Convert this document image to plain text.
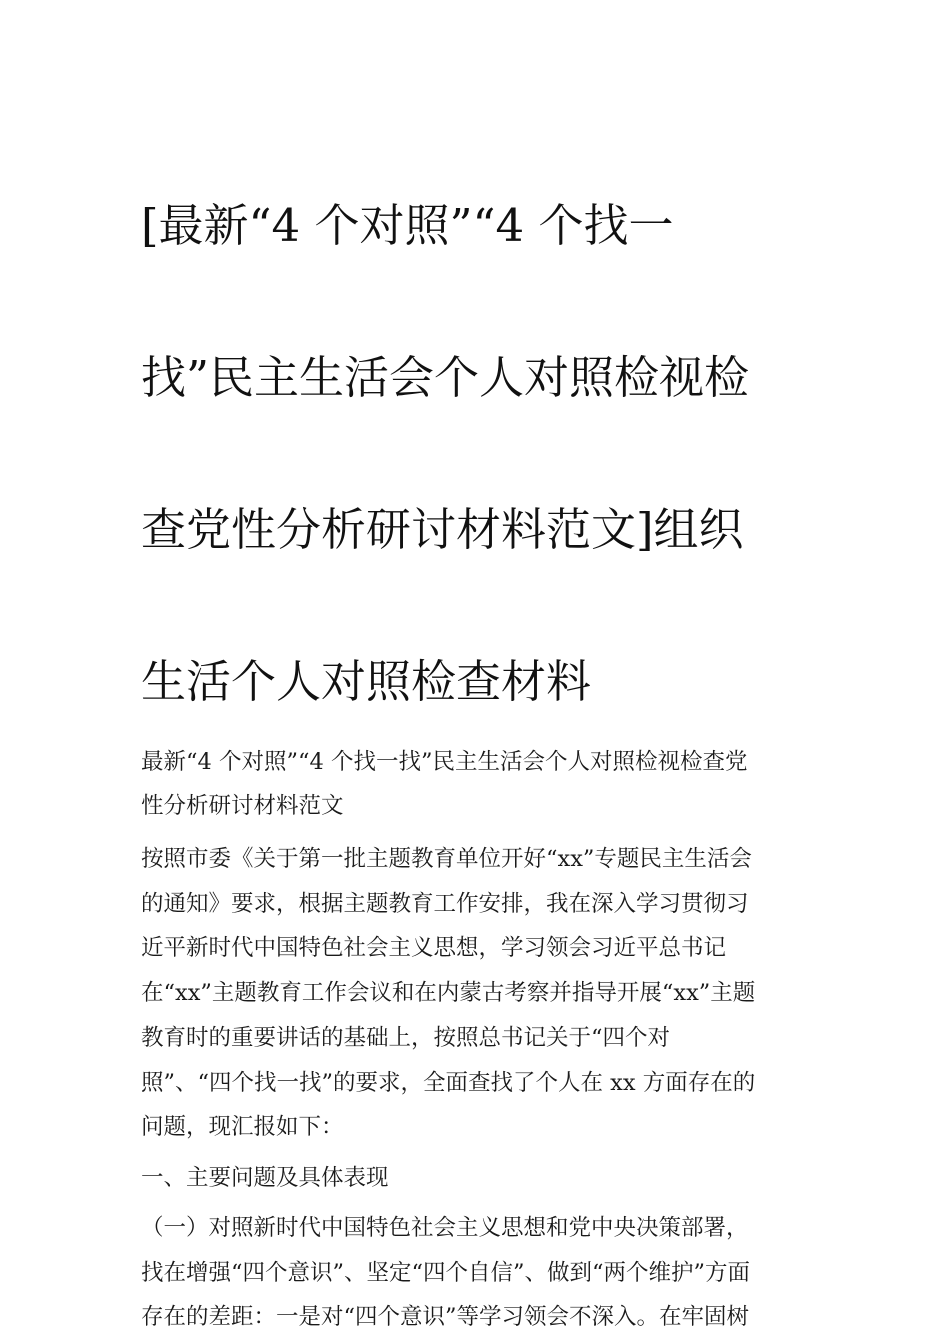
[最新“4 个对照”“4 个找一

找”民主生活会个人对照检视检

查党性分析研讨材料范文]组织

生活个人对照检查材料

最新“4 个对照”“4 个找一找”民主生活会个人对照检视检查党
性分析研讨材料范文

按照市委《关于第一批主题教育单位开好“xx”专题民主生活会
的通知》要求，根据主题教育工作安排，我在深入学习贯彻习
近平新时代中国特色社会主义思想，学习领会习近平总书记
在“xx”主题教育工作会议和在内蒙古考察并指导开展“xx”主题
教育时的重要讲话的基础上，按照总书记关于“四个对
照”、“四个找一找”的要求，全面查找了个人在 xx 方面存在的
问题，现汇报如下：

一、主要问题及具体表现

（一）对照新时代中国特色社会主义思想和党中央决策部署，
找在增强“四个意识”、坚定“四个自信”、做到“两个维护”方面
存在的差距：一是对“四个意识”等学习领会不深入。在牢固树
